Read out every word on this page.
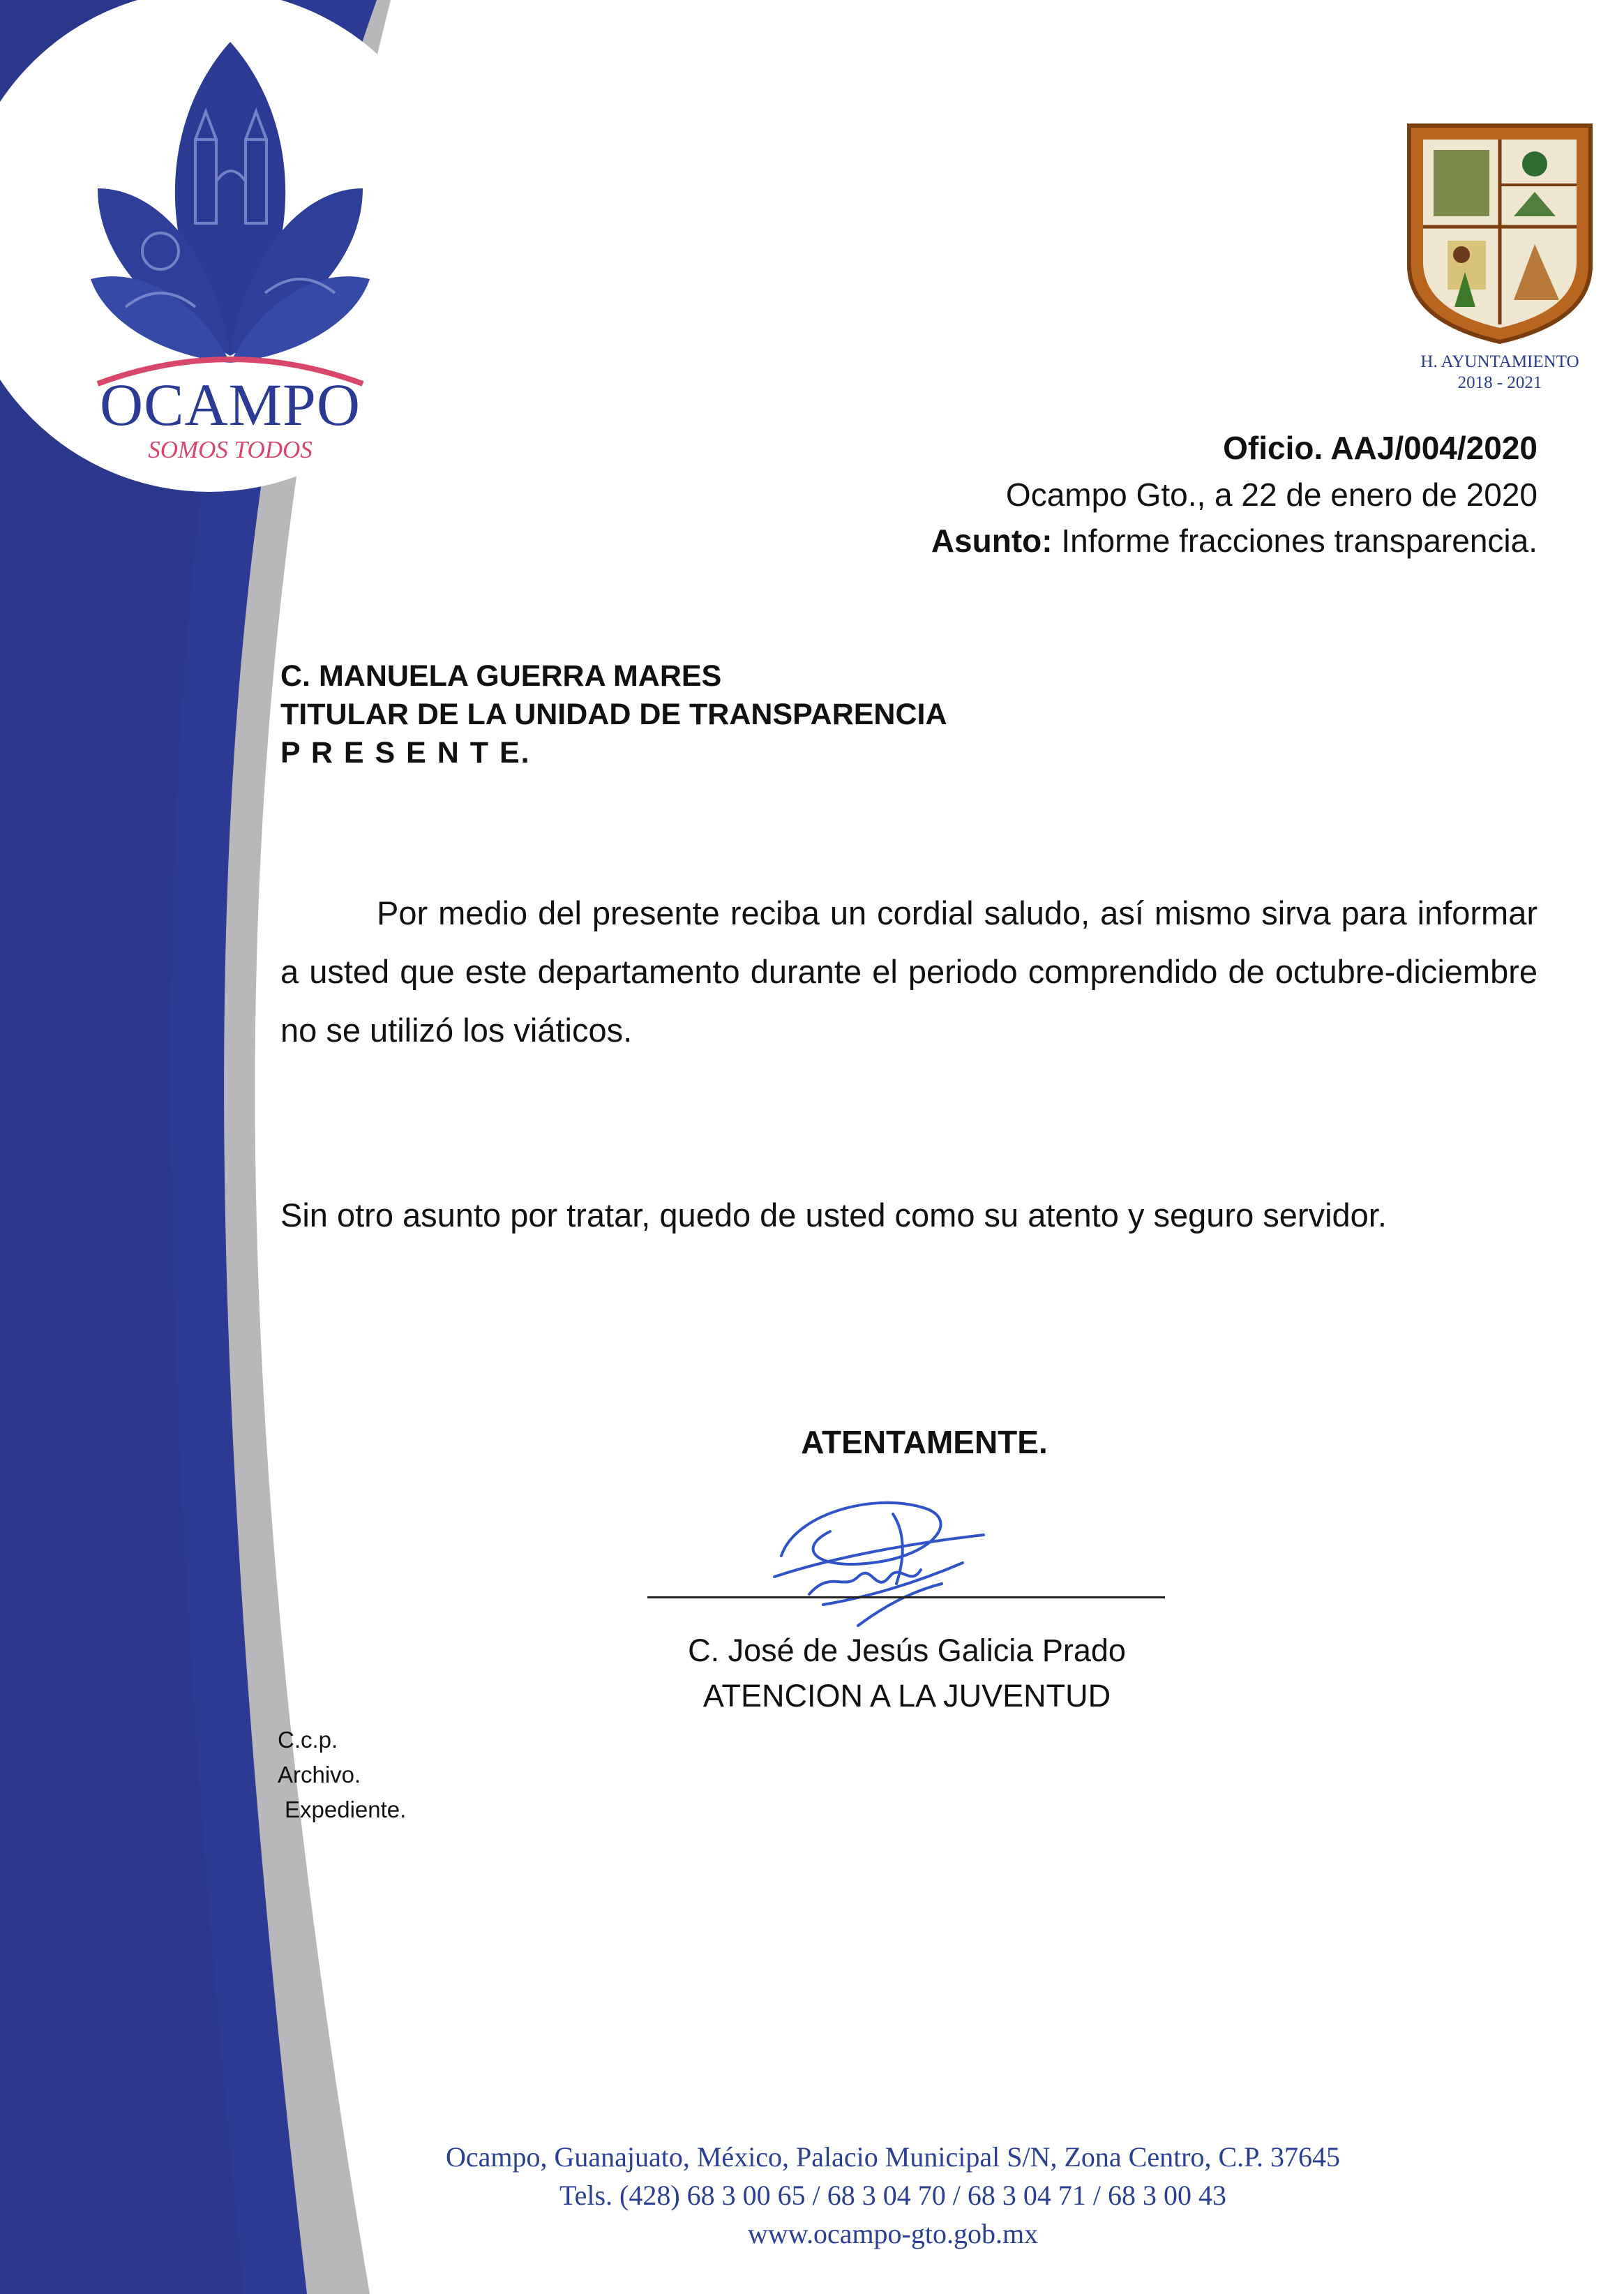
OCAMPO
SOMOS TODOS
H. AYUNTAMIENTO
2018 - 2021
Oficio. AAJ/004/2020
Ocampo Gto., a 22 de enero de 2020
Asunto: Informe fracciones transparencia.
C. MANUELA GUERRA MARES
TITULAR DE LA UNIDAD DE TRANSPARENCIA
P R E S E N T E.
Por medio del presente reciba un cordial saludo, así mismo sirva para informar a usted que este departamento durante el periodo comprendido de octubre-diciembre no se utilizó los viáticos.
Sin otro asunto por tratar, quedo de usted como su atento y seguro servidor.
ATENTAMENTE.
C. José de Jesús Galicia Prado
ATENCION A LA JUVENTUD
C.c.p.
Archivo.
Expediente.
Ocampo, Guanajuato, México, Palacio Municipal S/N, Zona Centro, C.P. 37645
Tels. (428) 68 3 00 65 / 68 3 04 70 / 68 3 04 71 / 68 3 00 43
www.ocampo-gto.gob.mx
